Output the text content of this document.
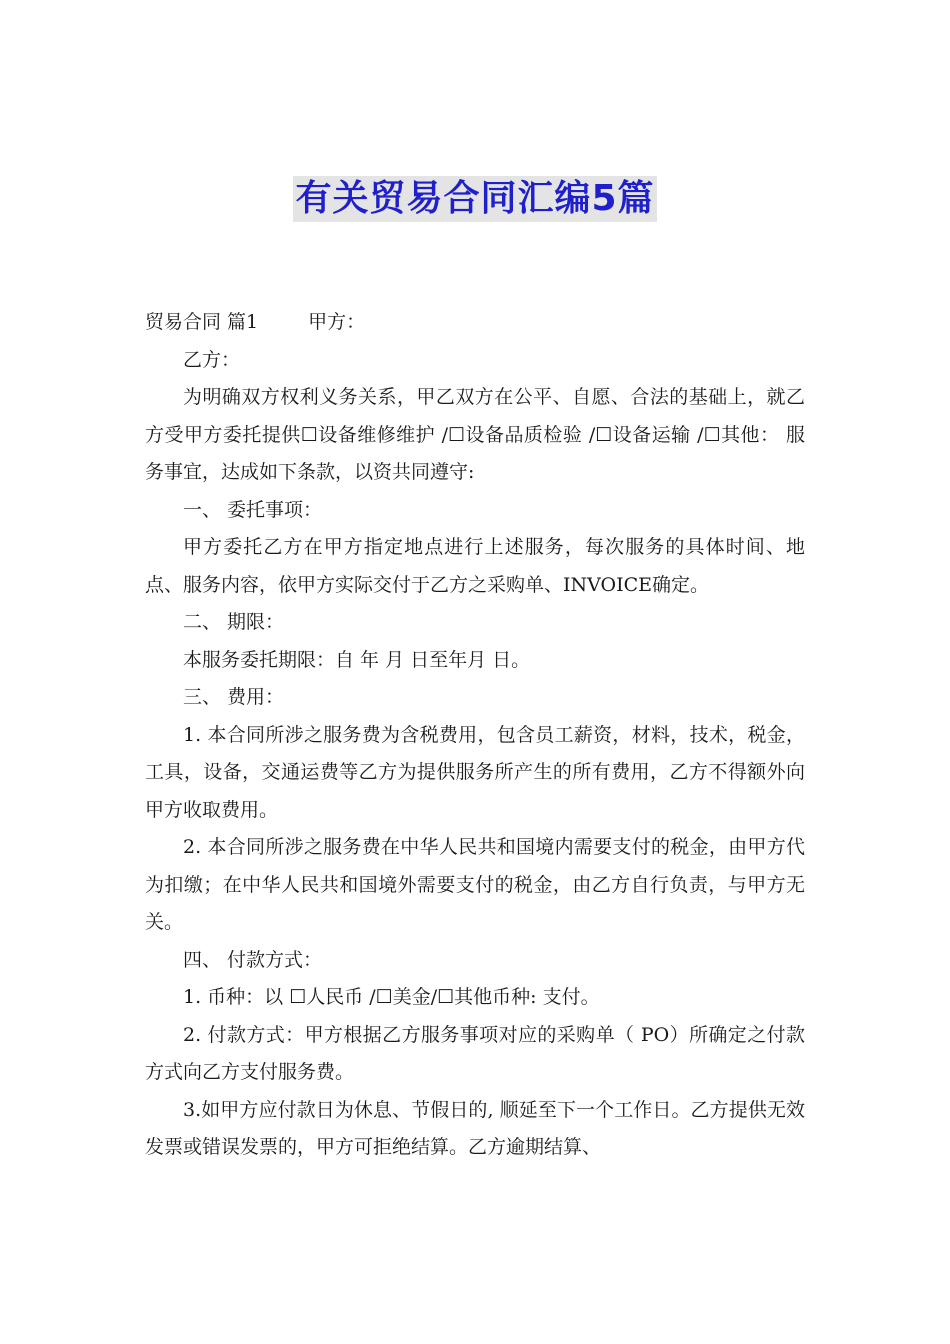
有关贸易合同汇编5篇

贸易合同 篇1	甲方：

乙方：

为明确双方权利义务关系，甲乙双方在公平、自愿、合法的基础上，就乙方受甲方委托提供☐设备维修维护 /☐设备品质检验 /☐设备运输 /☐其他： 服务事宜，达成如下条款，以资共同遵守:

一、 委托事项：

甲方委托乙方在甲方指定地点进行上述服务，每次服务的具体时间、地点、服务内容，依甲方实际交付于乙方之采购单、INVOICE确定。

二、 期限：

本服务委托期限：自 年 月 日至年月 日。

三、 费用：

1. 本合同所涉之服务费为含税费用，包含员工薪资，材料，技术，税金，工具，设备，交通运费等乙方为提供服务所产生的所有费用，乙方不得额外向甲方收取费用。

2. 本合同所涉之服务费在中华人民共和国境内需要支付的税金，由甲方代为扣缴；在中华人民共和国境外需要支付的税金，由乙方自行负责，与甲方无关。

四、 付款方式：

1. 币种：以 ☐人民币 /☐美金/☐其他币种: 支付。

2. 付款方式：甲方根据乙方服务事项对应的采购单（ PO）所确定之付款方式向乙方支付服务费。

3.如甲方应付款日为休息、节假日的, 顺延至下一个工作日。乙方提供无效发票或错误发票的，甲方可拒绝结算。乙方逾期结算、
